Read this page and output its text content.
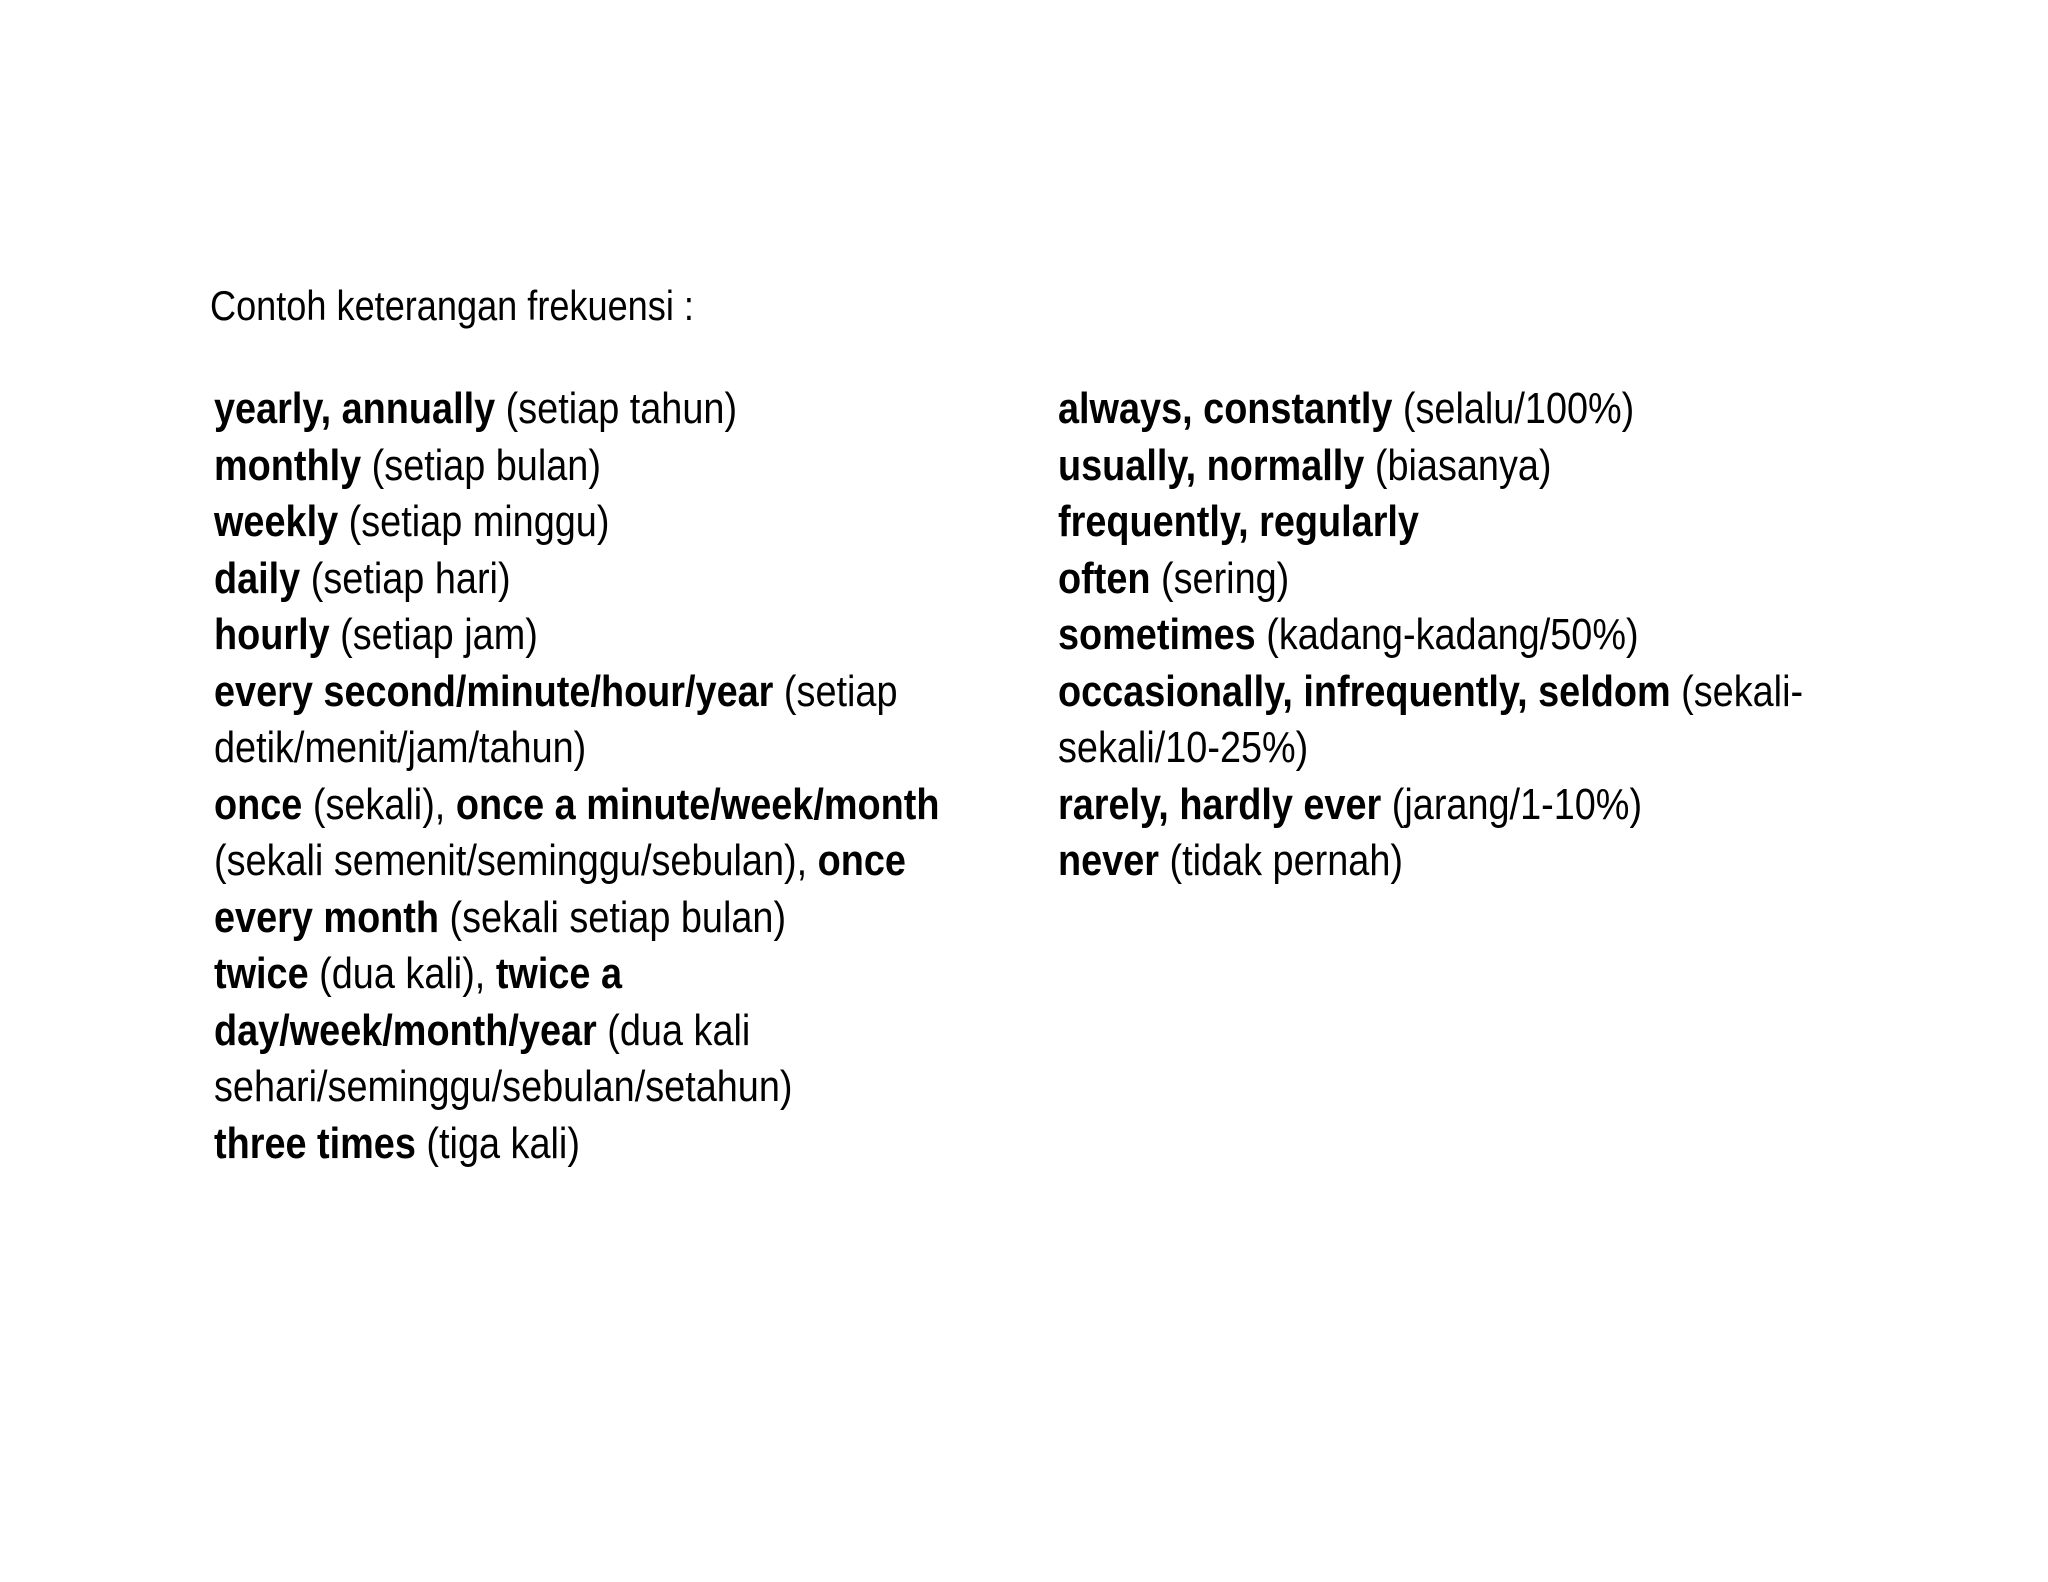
Contoh keterangan frekuensi :

yearly, annually (setiap tahun)

monthly (setiap bulan)

weekly (setiap minggu)

daily (setiap hari)

hourly (setiap jam)

every second/minute/hour/year (setiap detik/menit/jam/tahun)

once (sekali), once a minute/week/month (sekali semenit/seminggu/sebulan), once every month (sekali setiap bulan)

twice (dua kali), twice a day/week/month/year (dua kali sehari/seminggu/sebulan/setahun)

three times (tiga kali)

always, constantly (selalu/100%)

usually, normally (biasanya)

frequently, regularly

often (sering)

sometimes (kadang-kadang/50%)

occasionally, infrequently, seldom (sekali-sekali/10-25%)

rarely, hardly ever (jarang/1-10%)

never (tidak pernah)
